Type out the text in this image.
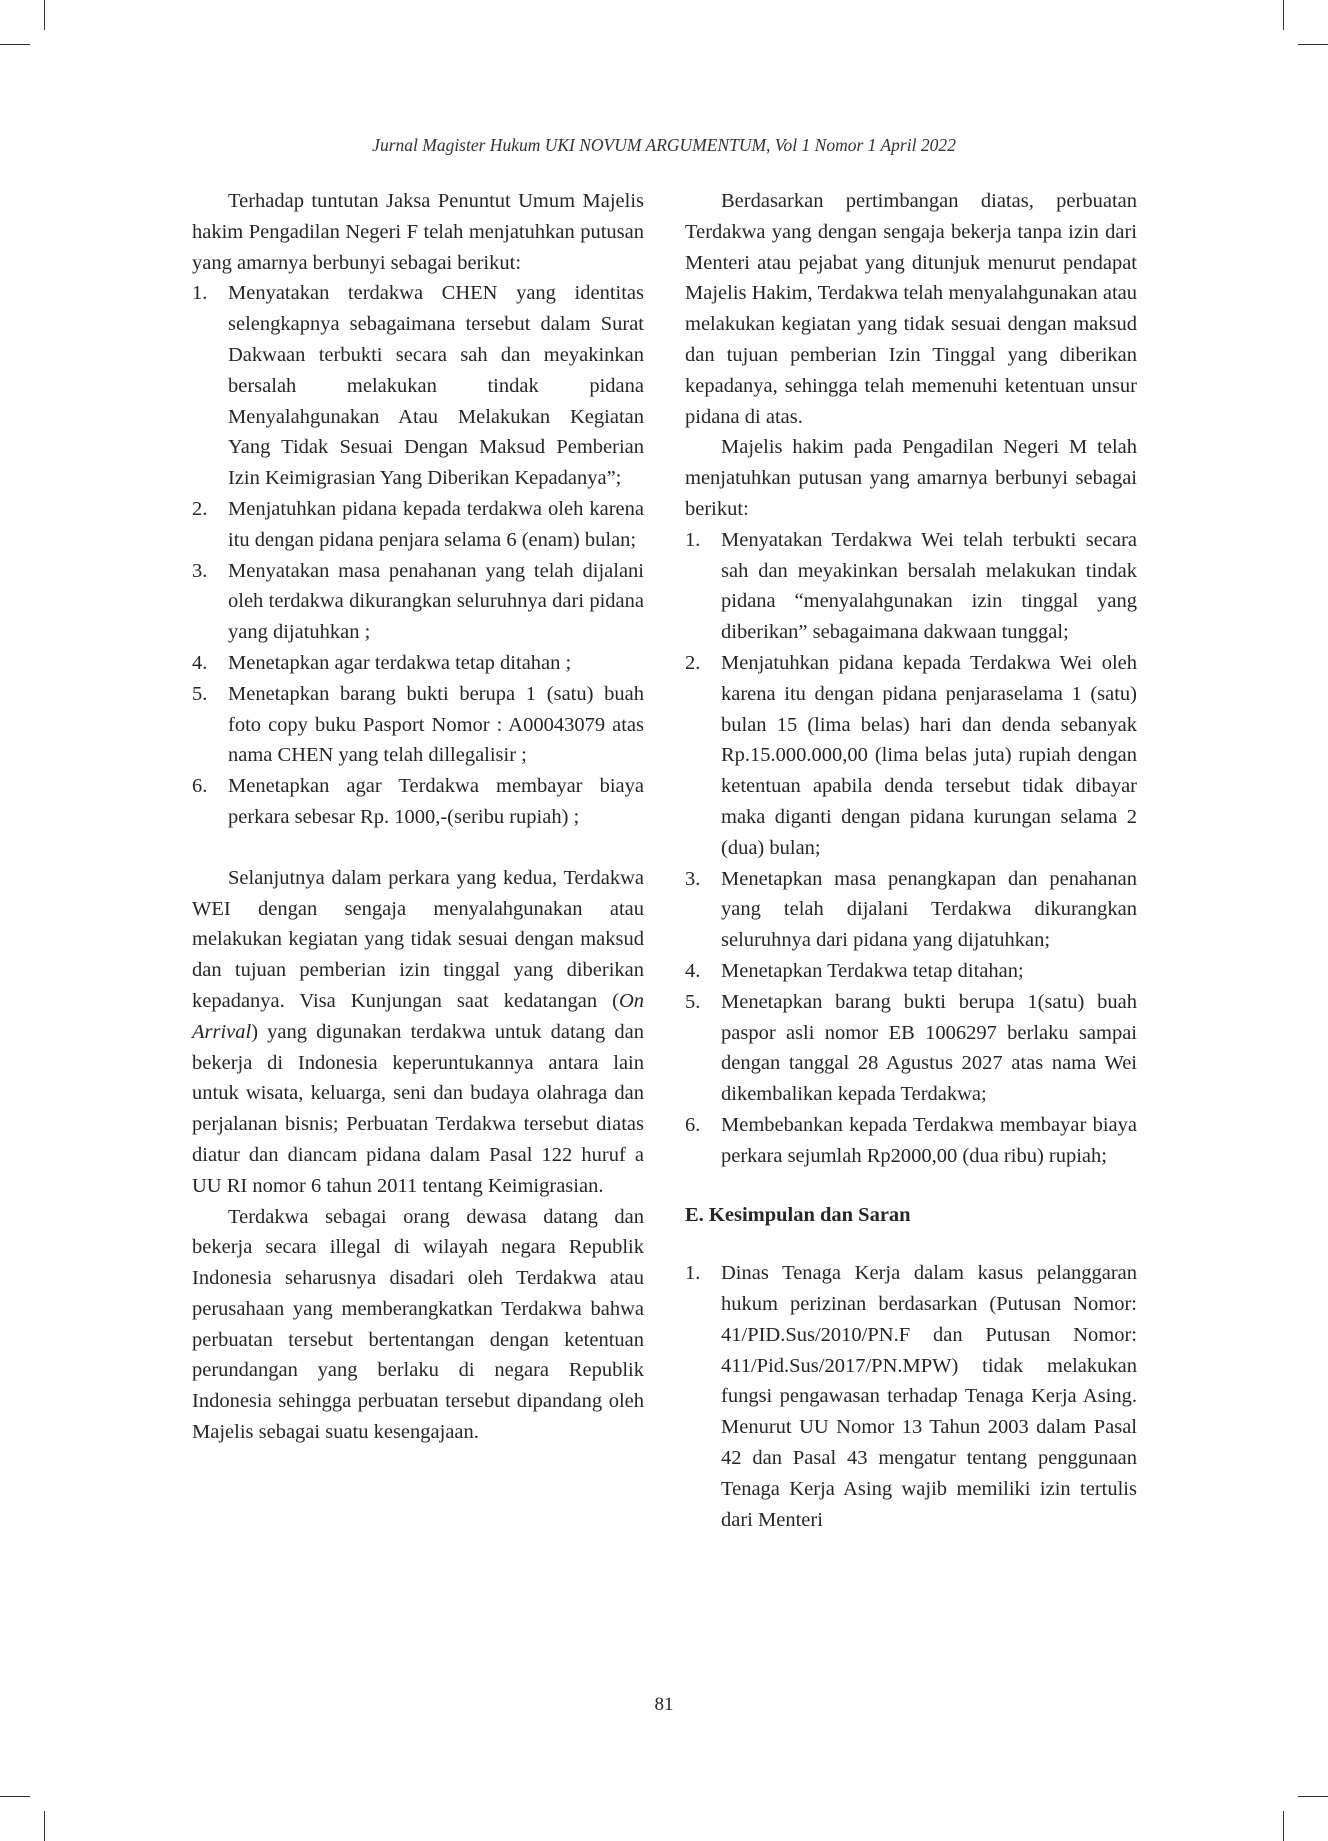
Jurnal Magister Hukum UKI NOVUM ARGUMENTUM, Vol 1 Nomor 1 April 2022

Terhadap tuntutan Jaksa Penuntut Umum Majelis hakim Pengadilan Negeri F telah menjatuhkan putusan yang amarnya berbunyi sebagai berikut:

1. Menyatakan terdakwa CHEN yang identitas selengkapnya sebagaimana tersebut dalam Surat Dakwaan terbukti secara sah dan meyakinkan bersalah melakukan tindak pidana Menyalahgunakan Atau Melakukan Kegiatan Yang Tidak Sesuai Dengan Maksud Pemberian Izin Keimigrasian Yang Diberikan Kepadanya”;
2. Menjatuhkan pidana kepada terdakwa oleh karena itu dengan pidana penjara selama 6 (enam) bulan;
3. Menyatakan masa penahanan yang telah dijalani oleh terdakwa dikurangkan seluruhnya dari pidana yang dijatuhkan ;
4. Menetapkan agar terdakwa tetap ditahan ;
5. Menetapkan barang bukti berupa 1 (satu) buah foto copy buku Pasport Nomor : A00043079 atas nama CHEN yang telah dillegalisir ;
6. Menetapkan agar Terdakwa membayar biaya perkara sebesar Rp. 1000,-(seribu rupiah) ;

Selanjutnya dalam perkara yang kedua, Terdakwa WEI dengan sengaja menyalahgunakan atau melakukan kegiatan yang tidak sesuai dengan maksud dan tujuan pemberian izin tinggal yang diberikan kepadanya. Visa Kunjungan saat kedatangan (On Arrival) yang digunakan terdakwa untuk datang dan bekerja di Indonesia keperuntukannya antara lain untuk wisata, keluarga, seni dan budaya olahraga dan perjalanan bisnis; Perbuatan Terdakwa tersebut diatas diatur dan diancam pidana dalam Pasal 122 huruf a UU RI nomor 6 tahun 2011 tentang Keimigrasian.

Terdakwa sebagai orang dewasa datang dan bekerja secara illegal di wilayah negara Republik Indonesia seharusnya disadari oleh Terdakwa atau perusahaan yang memberangkatkan Terdakwa bahwa perbuatan tersebut bertentangan dengan ketentuan perundangan yang berlaku di negara Republik Indonesia sehingga perbuatan tersebut dipandang oleh Majelis sebagai suatu kesengajaan.

Berdasarkan pertimbangan diatas, perbuatan Terdakwa yang dengan sengaja bekerja tanpa izin dari Menteri atau pejabat yang ditunjuk menurut pendapat Majelis Hakim, Terdakwa telah menyalahgunakan atau melakukan kegiatan yang tidak sesuai dengan maksud dan tujuan pemberian Izin Tinggal yang diberikan kepadanya, sehingga telah memenuhi ketentuan unsur pidana di atas.

Majelis hakim pada Pengadilan Negeri M telah menjatuhkan putusan yang amarnya berbunyi sebagai berikut:

1. Menyatakan Terdakwa Wei telah terbukti secara sah dan meyakinkan bersalah melakukan tindak pidana “menyalahgunakan izin tinggal yang diberikan” sebagaimana dakwaan tunggal;
2. Menjatuhkan pidana kepada Terdakwa Wei oleh karena itu dengan pidana penjaraselama 1 (satu) bulan 15 (lima belas) hari dan denda sebanyak Rp.15.000.000,00 (lima belas juta) rupiah dengan ketentuan apabila denda tersebut tidak dibayar maka diganti dengan pidana kurungan selama 2 (dua) bulan;
3. Menetapkan masa penangkapan dan penahanan yang telah dijalani Terdakwa dikurangkan seluruhnya dari pidana yang dijatuhkan;
4. Menetapkan Terdakwa tetap ditahan;
5. Menetapkan barang bukti berupa 1(satu) buah paspor asli nomor EB 1006297 berlaku sampai dengan tanggal 28 Agustus 2027 atas nama Wei dikembalikan kepada Terdakwa;
6. Membebankan kepada Terdakwa membayar biaya perkara sejumlah Rp2000,00 (dua ribu) rupiah;

E. Kesimpulan dan Saran

1. Dinas Tenaga Kerja dalam kasus pelanggaran hukum perizinan berdasarkan (Putusan Nomor: 41/PID.Sus/2010/PN.F dan Putusan Nomor: 411/Pid.Sus/2017/PN.MPW) tidak melakukan fungsi pengawasan terhadap Tenaga Kerja Asing. Menurut UU Nomor 13 Tahun 2003 dalam Pasal 42 dan Pasal 43 mengatur tentang penggunaan Tenaga Kerja Asing wajib memiliki izin tertulis dari Menteri
81
